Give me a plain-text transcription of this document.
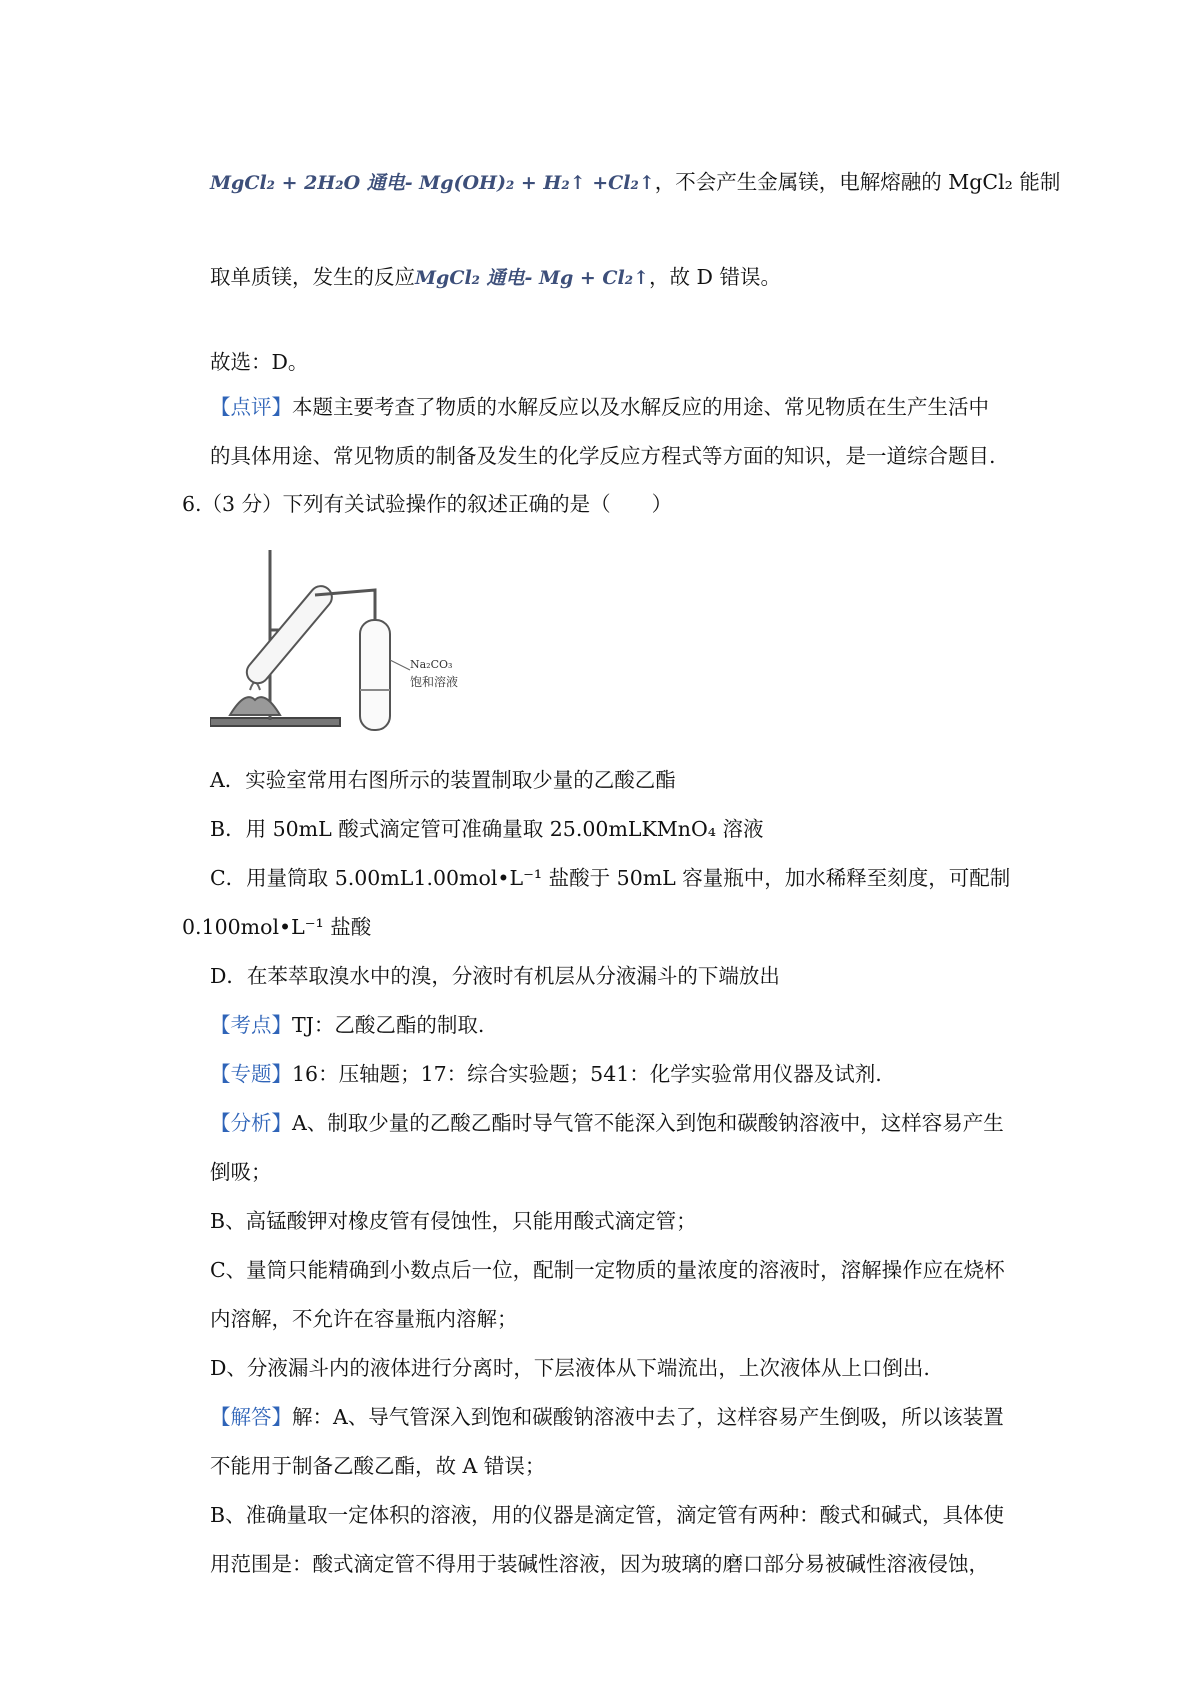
MgCl₂ + 2H₂O 通电- Mg(OH)₂ + H₂↑ +Cl₂↑，不会产生金属镁，电解熔融的 MgCl₂ 能制
取单质镁，发生的反应MgCl₂ 通电- Mg + Cl₂↑，故 D 错误。
故选：D。
【点评】本题主要考查了物质的水解反应以及水解反应的用途、常见物质在生产生活中
的具体用途、常见物质的制备及发生的化学反应方程式等方面的知识，是一道综合题目.
6.（3 分）下列有关试验操作的叙述正确的是（　　）
Na₂CO₃
饱和溶液
A．实验室常用右图所示的装置制取少量的乙酸乙酯
B．用 50mL 酸式滴定管可准确量取 25.00mLKMnO₄ 溶液
C．用量筒取 5.00mL1.00mol•L⁻¹ 盐酸于 50mL 容量瓶中，加水稀释至刻度，可配制
0.100mol•L⁻¹ 盐酸
D．在苯萃取溴水中的溴，分液时有机层从分液漏斗的下端放出
【考点】TJ：乙酸乙酯的制取.
【专题】16：压轴题；17：综合实验题；541：化学实验常用仪器及试剂.
【分析】A、制取少量的乙酸乙酯时导气管不能深入到饱和碳酸钠溶液中，这样容易产生
倒吸；
B、高锰酸钾对橡皮管有侵蚀性，只能用酸式滴定管；
C、量筒只能精确到小数点后一位，配制一定物质的量浓度的溶液时，溶解操作应在烧杯
内溶解，不允许在容量瓶内溶解；
D、分液漏斗内的液体进行分离时，下层液体从下端流出，上次液体从上口倒出.
【解答】解：A、导气管深入到饱和碳酸钠溶液中去了，这样容易产生倒吸，所以该装置
不能用于制备乙酸乙酯，故 A 错误；
B、准确量取一定体积的溶液，用的仪器是滴定管，滴定管有两种：酸式和碱式，具体使
用范围是：酸式滴定管不得用于装碱性溶液，因为玻璃的磨口部分易被碱性溶液侵蚀，
